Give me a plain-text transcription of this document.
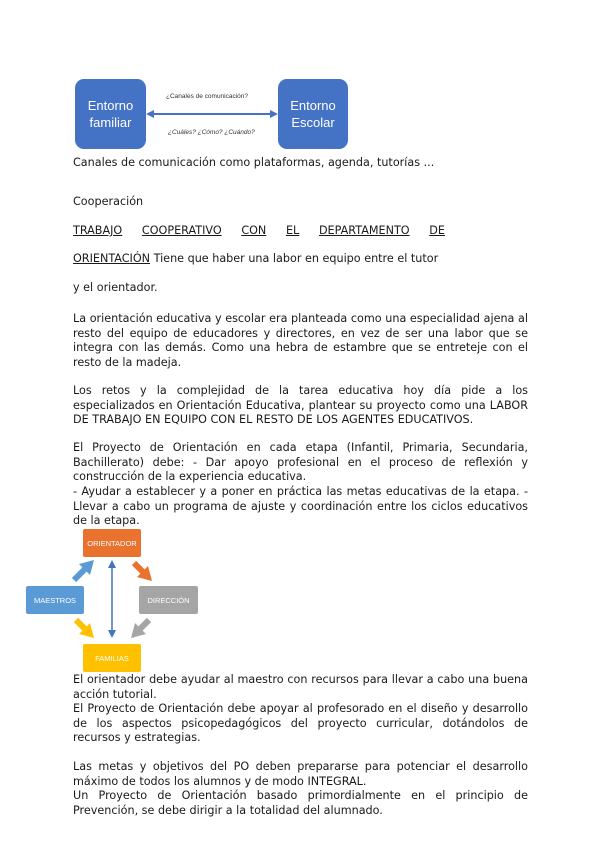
Entorno
familiar
Entorno
Escolar
¿Canales de comunicación?
¿Cuáles? ¿Cómo? ¿Cuándo?
Canales de comunicación como plataformas, agenda, tutorías ...
Cooperación
TRABAJO COOPERATIVO CON EL DEPARTAMENTO DE
ORIENTACIÓN Tiene que haber una labor en equipo entre el tutor
y el orientador.
La orientación educativa y escolar era planteada como una especialidad ajena al resto del equipo de educadores y directores, en vez de ser una labor que se integra con las demás. Como una hebra de estambre que se entreteje con el resto de la madeja.
Los retos y la complejidad de la tarea educativa hoy día pide a los especializados en Orientación Educativa, plantear su proyecto como una LABOR DE TRABAJO EN EQUIPO CON EL RESTO DE LOS AGENTES EDUCATIVOS.
El Proyecto de Orientación en cada etapa (Infantil, Primaria, Secundaria, Bachillerato) debe: - Dar apoyo profesional en el proceso de reflexión y construcción de la experiencia educativa.
- Ayudar a establecer y a poner en práctica las metas educativas de la etapa. - Llevar a cabo un programa de ajuste y coordinación entre los ciclos educativos de la etapa.
ORIENTADOR
MAESTROS	DIRECCIÓN
FAMILIAS
El orientador debe ayudar al maestro con recursos para llevar a cabo una buena acción tutorial.
El Proyecto de Orientación debe apoyar al profesorado en el diseño y desarrollo de los aspectos psicopedagógicos del proyecto curricular, dotándolos de recursos y estrategias.
Las metas y objetivos del PO deben prepararse para potenciar el desarrollo máximo de todos los alumnos y de modo INTEGRAL.
Un Proyecto de Orientación basado primordialmente en el principio de Prevención, se debe dirigir a la totalidad del alumnado.
